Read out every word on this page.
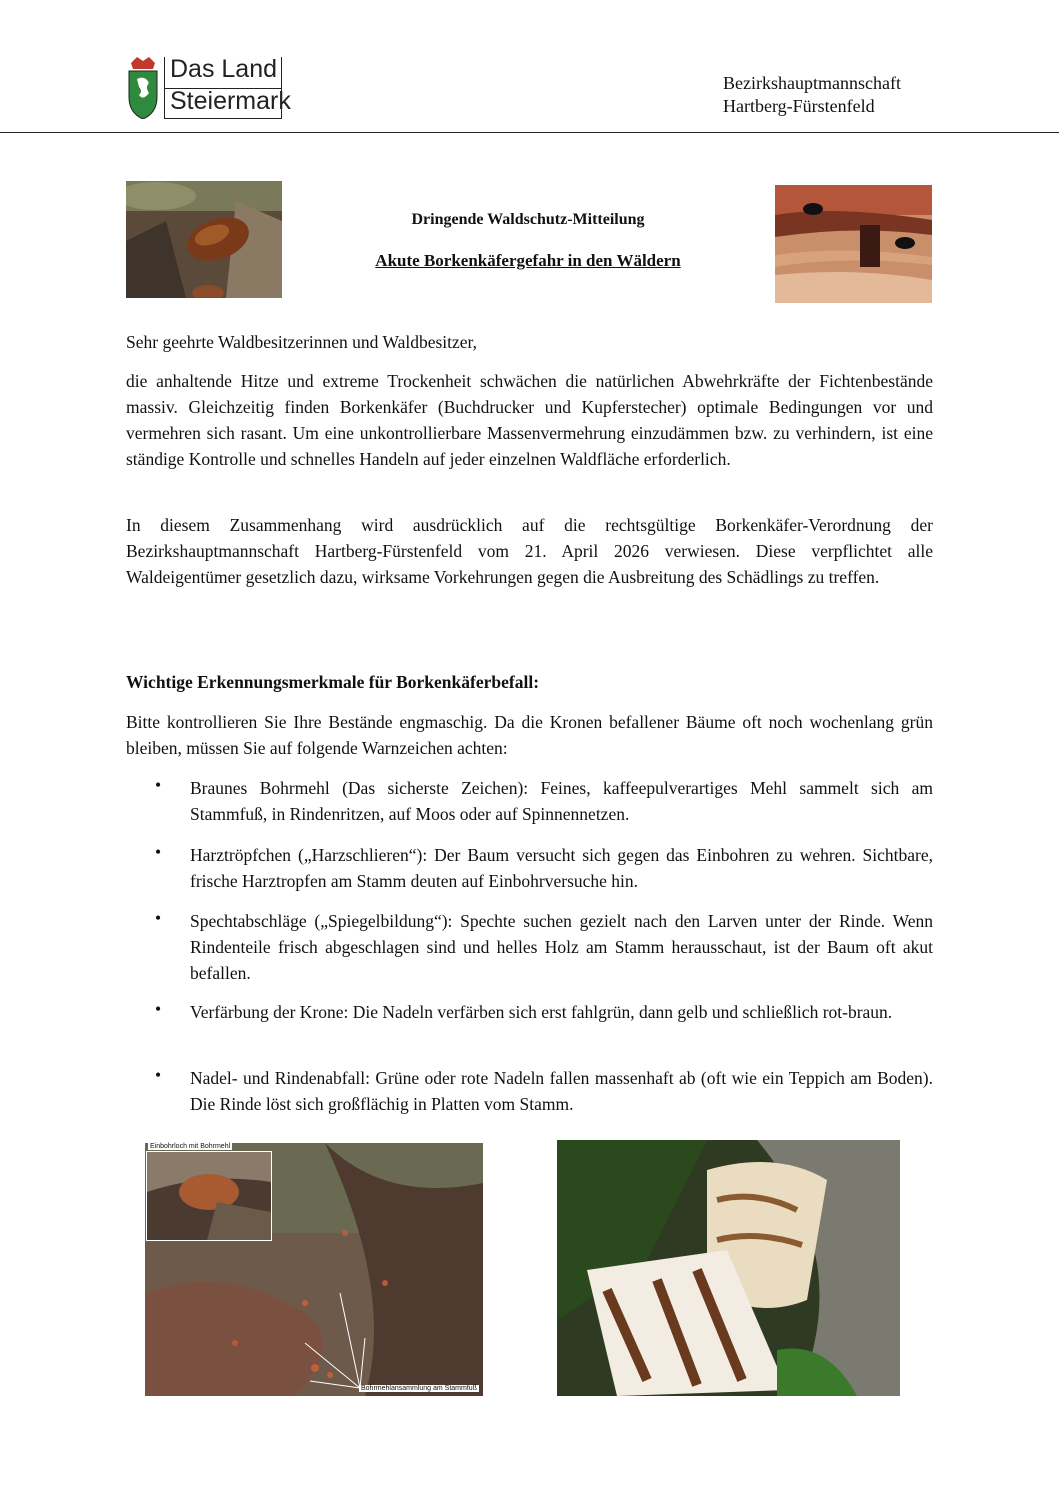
Das Land
Steiermark
Bezirkshauptmannschaft
Hartberg-Fürstenfeld
Dringende Waldschutz-Mitteilung
Akute Borkenkäfergefahr in den Wäldern
Sehr geehrte Waldbesitzerinnen und Waldbesitzer,
die anhaltende Hitze und extreme Trockenheit schwächen die natürlichen Abwehrkräfte der Fichtenbestände massiv. Gleichzeitig finden Borkenkäfer (Buchdrucker und Kupferstecher) optimale Bedingungen vor und vermehren sich rasant. Um eine unkontrollierbare Massenvermehrung einzudämmen bzw. zu verhindern, ist eine ständige Kontrolle und schnelles Handeln auf jeder einzelnen Waldfläche erforderlich.
In diesem Zusammenhang wird ausdrücklich auf die rechtsgültige Borkenkäfer-Verordnung der Bezirkshauptmannschaft Hartberg-Fürstenfeld vom 21. April 2026 verwiesen. Diese verpflichtet alle Waldeigentümer gesetzlich dazu, wirksame Vorkehrungen gegen die Ausbreitung des Schädlings zu treffen.
Wichtige Erkennungsmerkmale für Borkenkäferbefall:
Bitte kontrollieren Sie Ihre Bestände engmaschig. Da die Kronen befallener Bäume oft noch wochenlang grün bleiben, müssen Sie auf folgende Warnzeichen achten:
• Braunes Bohrmehl (Das sicherste Zeichen): Feines, kaffeepulverartiges Mehl sammelt sich am Stammfuß, in Rindenritzen, auf Moos oder auf Spinnennetzen.
• Harztröpfchen („Harzschlieren“): Der Baum versucht sich gegen das Einbohren zu wehren. Sichtbare, frische Harztropfen am Stamm deuten auf Einbohrversuche hin.
• Spechtabschläge („Spiegelbildung“): Spechte suchen gezielt nach den Larven unter der Rinde. Wenn Rindenteile frisch abgeschlagen sind und helles Holz am Stamm herausschaut, ist der Baum oft akut befallen.
• Verfärbung der Krone: Die Nadeln verfärben sich erst fahlgrün, dann gelb und schließlich rot-braun.
• Nadel- und Rindenabfall: Grüne oder rote Nadeln fallen massenhaft ab (oft wie ein Teppich am Boden). Die Rinde löst sich großflächig in Platten vom Stamm.
Einbohrloch mit Bohrmehl
Bohrmehlansammlung am Stammfuß
